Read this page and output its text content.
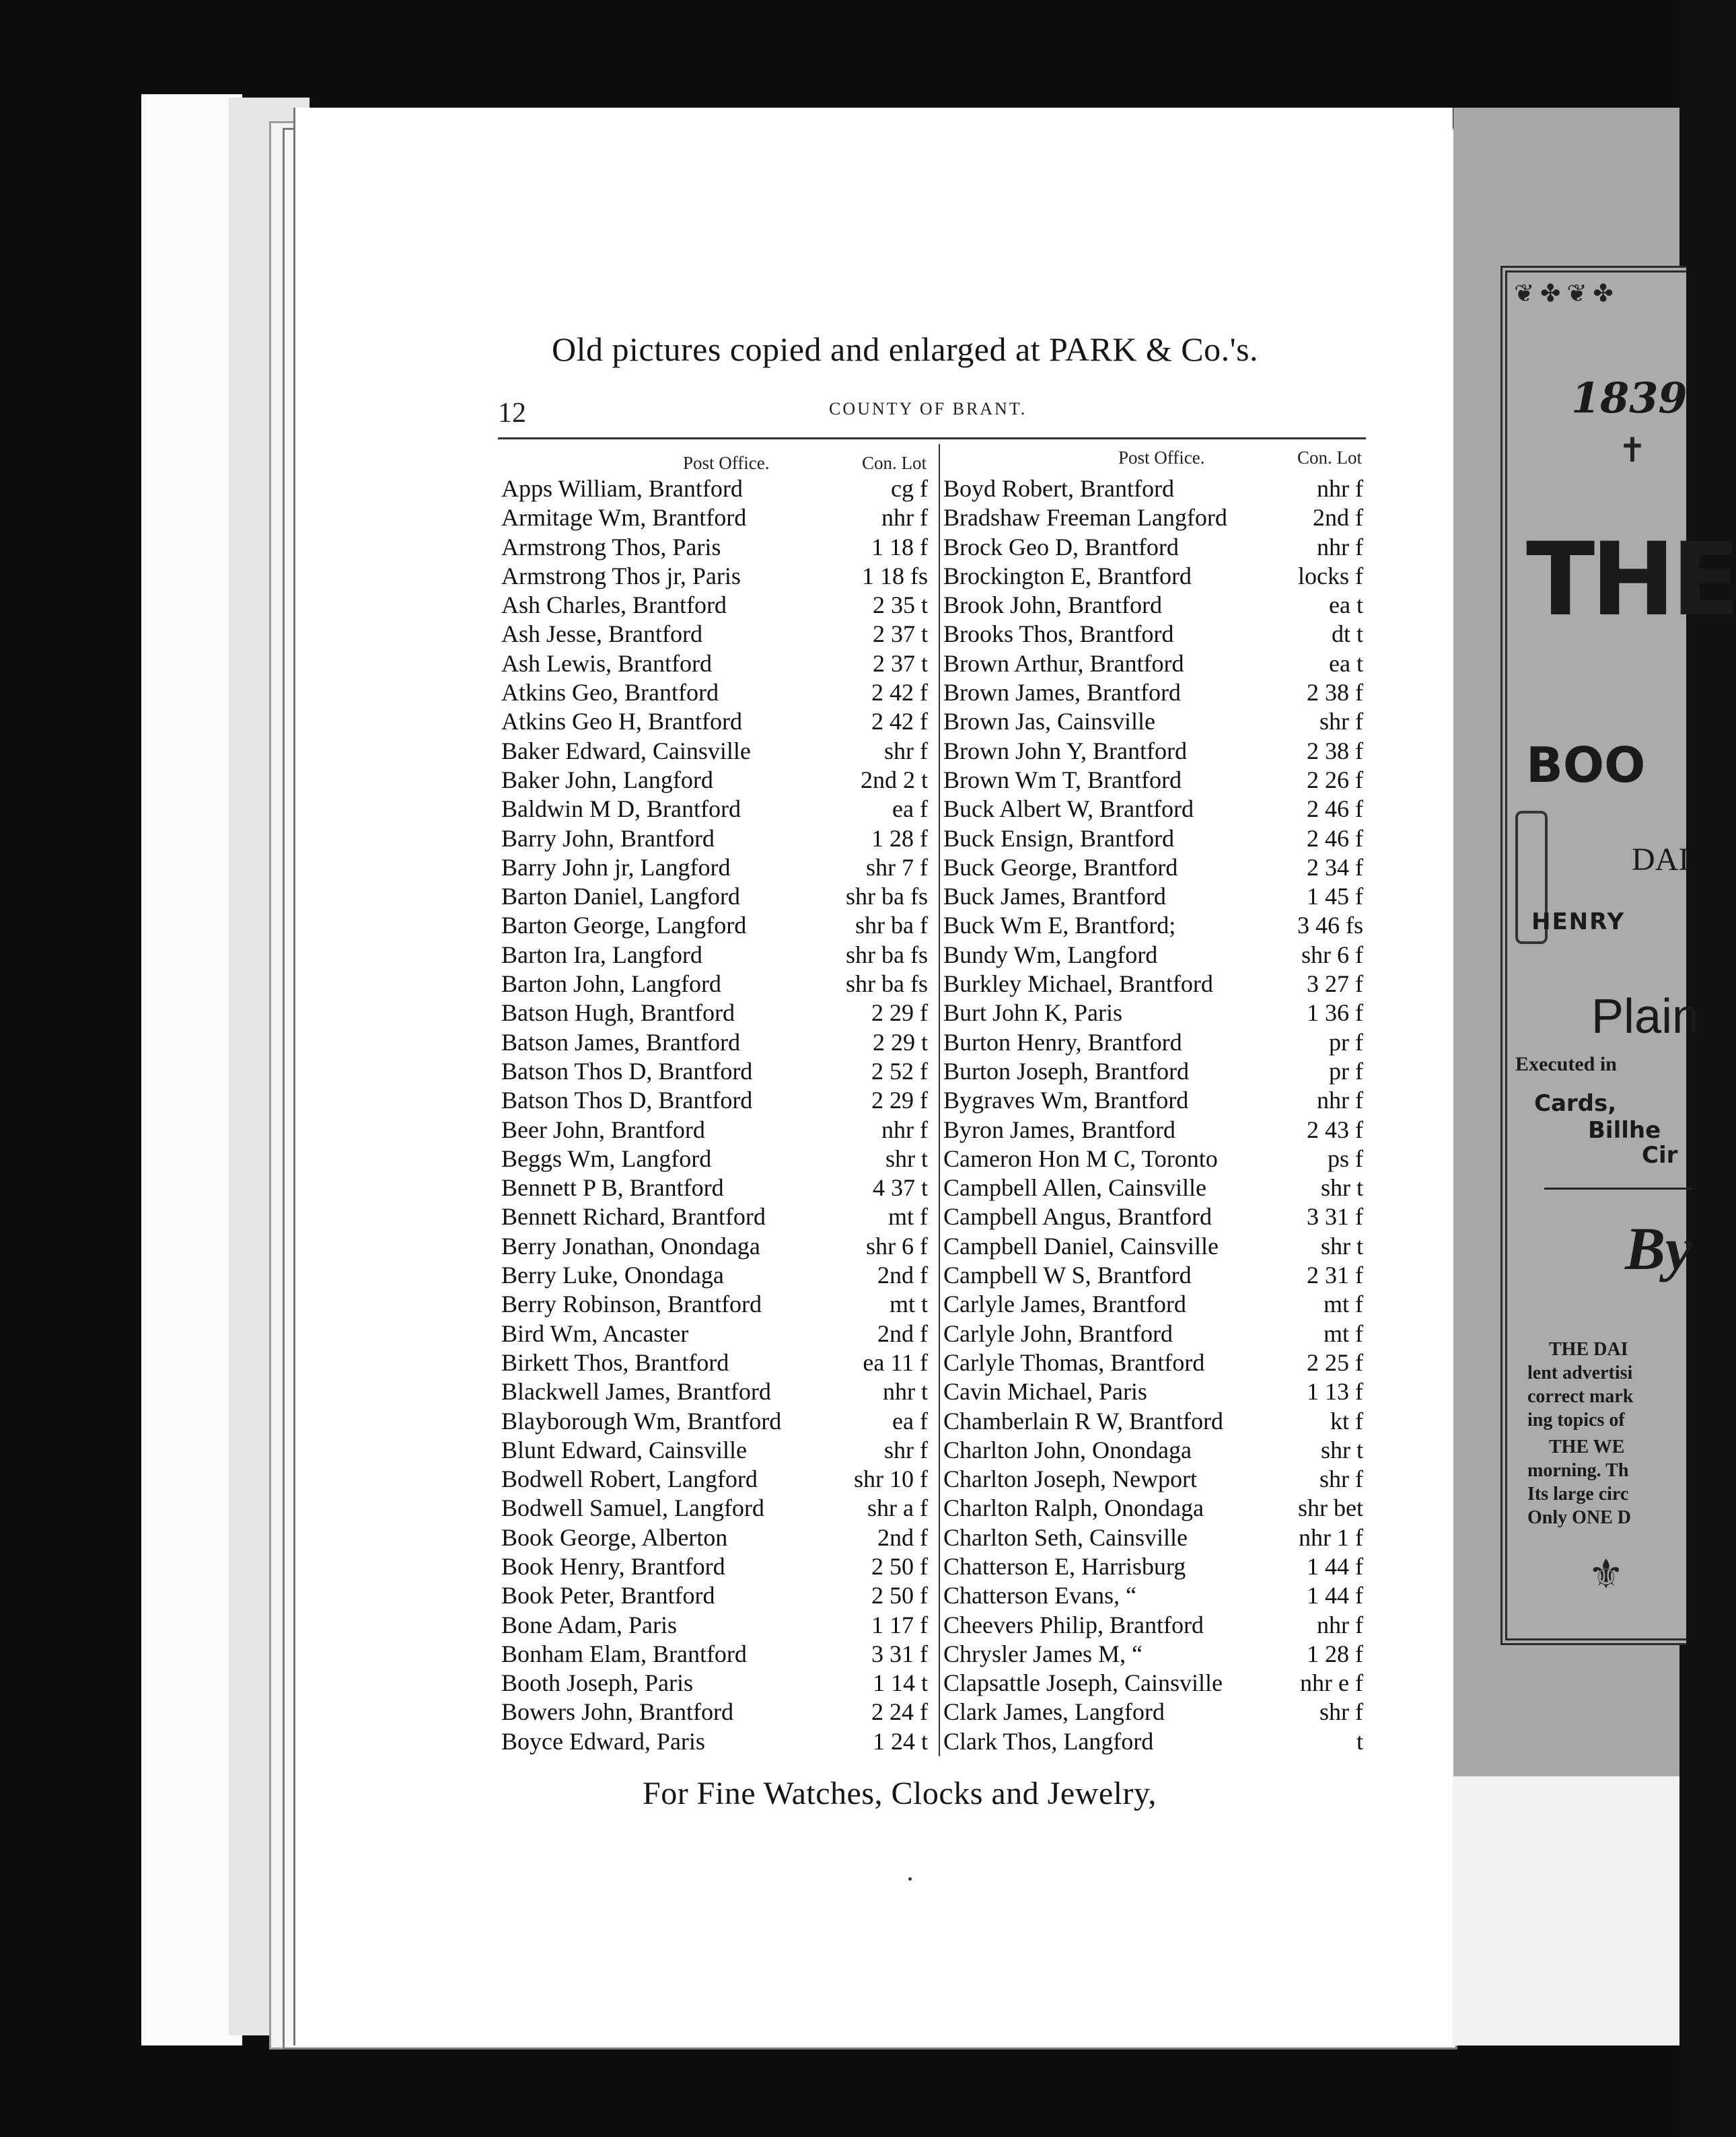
❦ ✤ ❦ ✤
1839
✝
THE
BOO
DAI
HENRY
Plain
Executed in
Cards,
Billhe
Cir
By
THE DAI
lent advertisi
correct mark
ing topics of
THE WE
morning. Th
Its large circ
Only ONE D
⚜
Old pictures copied and enlarged at PARK & Co.'s.
12	COUNTY OF BRANT.
Post Office.	Con. Lot
Apps William, Brantford	cg f
Armitage Wm, Brantford	nhr f
Armstrong Thos, Paris	1 18 f
Armstrong Thos jr, Paris	1 18 fs
Ash Charles, Brantford	2 35 t
Ash Jesse, Brantford	2 37 t
Ash Lewis, Brantford	2 37 t
Atkins Geo, Brantford	2 42 f
Atkins Geo H, Brantford	2 42 f
Baker Edward, Cainsville	shr f
Baker John, Langford	2nd 2 t
Baldwin M D, Brantford	ea f
Barry John, Brantford	1 28 f
Barry John jr, Langford	shr 7 f
Barton Daniel, Langford	shr ba fs
Barton George, Langford	shr ba f
Barton Ira, Langford	shr ba fs
Barton John, Langford	shr ba fs
Batson Hugh, Brantford	2 29 f
Batson James, Brantford	2 29 t
Batson Thos D, Brantford	2 52 f
Batson Thos D, Brantford	2 29 f
Beer John, Brantford	nhr f
Beggs Wm, Langford	shr t
Bennett P B, Brantford	4 37 t
Bennett Richard, Brantford	mt f
Berry Jonathan, Onondaga	shr 6 f
Berry Luke, Onondaga	2nd f
Berry Robinson, Brantford	mt t
Bird Wm, Ancaster	2nd f
Birkett Thos, Brantford	ea 11 f
Blackwell James, Brantford	nhr t
Blayborough Wm, Brantford	ea f
Blunt Edward, Cainsville	shr f
Bodwell Robert, Langford	shr 10 f
Bodwell Samuel, Langford	shr a f
Book George, Alberton	2nd f
Book Henry, Brantford	2 50 f
Book Peter, Brantford	2 50 f
Bone Adam, Paris	1 17 f
Bonham Elam, Brantford	3 31 f
Booth Joseph, Paris	1 14 t
Bowers John, Brantford	2 24 f
Boyce Edward, Paris	1 24 t
Post Office.	Con. Lot
Boyd Robert, Brantford	nhr f
Bradshaw Freeman Langford	2nd f
Brock Geo D, Brantford	nhr f
Brockington E, Brantford	locks f
Brook John, Brantford	ea t
Brooks Thos, Brantford	dt t
Brown Arthur, Brantford	ea t
Brown James, Brantford	2 38 f
Brown Jas, Cainsville	shr f
Brown John Y, Brantford	2 38 f
Brown Wm T, Brantford	2 26 f
Buck Albert W, Brantford	2 46 f
Buck Ensign, Brantford	2 46 f
Buck George, Brantford	2 34 f
Buck James, Brantford	1 45 f
Buck Wm E, Brantford;	3 46 fs
Bundy Wm, Langford	shr 6 f
Burkley Michael, Brantford	3 27 f
Burt John K, Paris	1 36 f
Burton Henry, Brantford	pr f
Burton Joseph, Brantford	pr f
Bygraves Wm, Brantford	nhr f
Byron James, Brantford	2 43 f
Cameron Hon M C, Toronto	ps f
Campbell Allen, Cainsville	shr t
Campbell Angus, Brantford	3 31 f
Campbell Daniel, Cainsville	shr t
Campbell W S, Brantford	2 31 f
Carlyle James, Brantford	mt f
Carlyle John, Brantford	mt f
Carlyle Thomas, Brantford	2 25 f
Cavin Michael, Paris	1 13 f
Chamberlain R W, Brantford	kt f
Charlton John, Onondaga	shr t
Charlton Joseph, Newport	shr f
Charlton Ralph, Onondaga	shr bet
Charlton Seth, Cainsville	nhr 1 f
Chatterson E, Harrisburg	1 44 f
Chatterson Evans, “	1 44 f
Cheevers Philip, Brantford	nhr f
Chrysler James M, “	1 28 f
Clapsattle Joseph, Cainsville	nhr e f
Clark James, Langford	shr f
Clark Thos, Langford	t
For Fine Watches, Clocks and Jewelry,
